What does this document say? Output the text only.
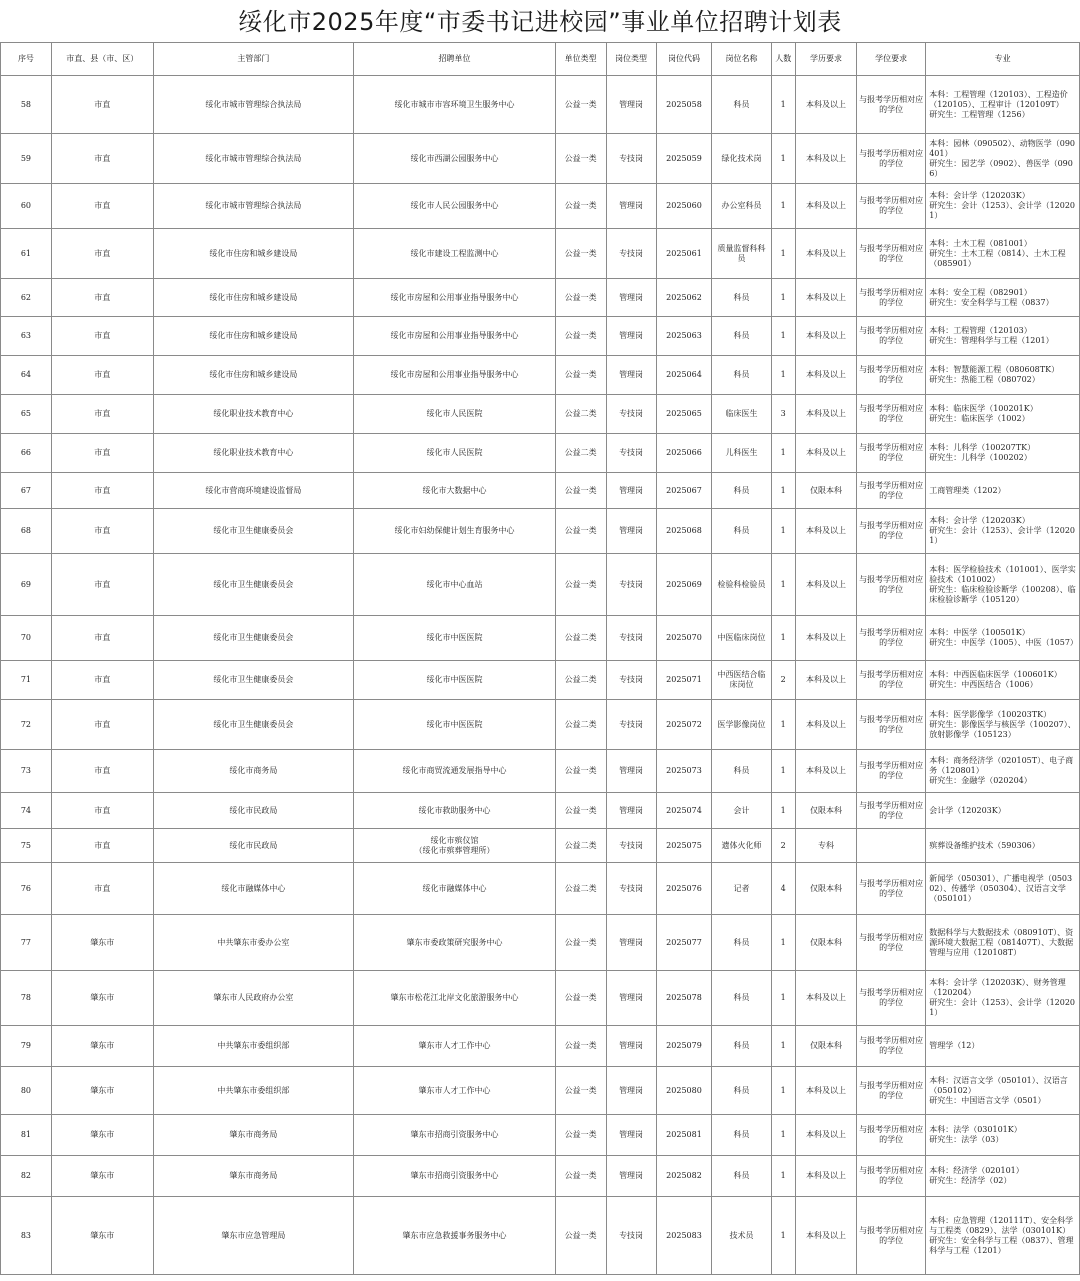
绥化市2025年度“市委书记进校园”事业单位招聘计划表
序号	市直、县（市、区）	主管部门	招聘单位	单位类型	岗位类型	岗位代码	岗位名称	人数	学历要求	学位要求	专业
58	市直	绥化市城市管理综合执法局	绥化市城市市容环境卫生服务中心	公益一类	管理岗	2025058	科员	1	本科及以上	与报考学历相对应的学位	本科：工程管理（120103）、工程造价（120105）、工程审计（120109T）
研究生：工程管理（1256）
59	市直	绥化市城市管理综合执法局	绥化市西湖公园服务中心	公益一类	专技岗	2025059	绿化技术岗	1	本科及以上	与报考学历相对应的学位	本科：园林（090502）、动物医学（090401）
研究生：园艺学（0902）、兽医学（0906）
60	市直	绥化市城市管理综合执法局	绥化市人民公园服务中心	公益一类	管理岗	2025060	办公室科员	1	本科及以上	与报考学历相对应的学位	本科：会计学（120203K）
研究生：会计（1253）、会计学（120201）
61	市直	绥化市住房和城乡建设局	绥化市建设工程监测中心	公益一类	专技岗	2025061	质量监督科科员	1	本科及以上	与报考学历相对应的学位	本科：土木工程（081001）
研究生：土木工程（0814）、土木工程（085901）
62	市直	绥化市住房和城乡建设局	绥化市房屋和公用事业指导服务中心	公益一类	管理岗	2025062	科员	1	本科及以上	与报考学历相对应的学位	本科：安全工程（082901）
研究生：安全科学与工程（0837）
63	市直	绥化市住房和城乡建设局	绥化市房屋和公用事业指导服务中心	公益一类	管理岗	2025063	科员	1	本科及以上	与报考学历相对应的学位	本科：工程管理（120103）
研究生：管理科学与工程（1201）
64	市直	绥化市住房和城乡建设局	绥化市房屋和公用事业指导服务中心	公益一类	管理岗	2025064	科员	1	本科及以上	与报考学历相对应的学位	本科：智慧能源工程（080608TK）
研究生：热能工程（080702）
65	市直	绥化职业技术教育中心	绥化市人民医院	公益二类	专技岗	2025065	临床医生	3	本科及以上	与报考学历相对应的学位	本科：临床医学（100201K）
研究生：临床医学（1002）
66	市直	绥化职业技术教育中心	绥化市人民医院	公益二类	专技岗	2025066	儿科医生	1	本科及以上	与报考学历相对应的学位	本科：儿科学（100207TK）
研究生：儿科学（100202）
67	市直	绥化市营商环境建设监督局	绥化市大数据中心	公益一类	管理岗	2025067	科员	1	仅限本科	与报考学历相对应的学位	工商管理类（1202）
68	市直	绥化市卫生健康委员会	绥化市妇幼保健计划生育服务中心	公益一类	管理岗	2025068	科员	1	本科及以上	与报考学历相对应的学位	本科：会计学（120203K）
研究生：会计（1253）、会计学（120201）
69	市直	绥化市卫生健康委员会	绥化市中心血站	公益一类	专技岗	2025069	检验科检验员	1	本科及以上	与报考学历相对应的学位	本科：医学检验技术（101001）、医学实验技术（101002）
研究生：临床检验诊断学（100208）、临床检验诊断学（105120）
70	市直	绥化市卫生健康委员会	绥化市中医医院	公益二类	专技岗	2025070	中医临床岗位	1	本科及以上	与报考学历相对应的学位	本科：中医学（100501K）
研究生：中医学（1005）、中医（1057）
71	市直	绥化市卫生健康委员会	绥化市中医医院	公益二类	专技岗	2025071	中西医结合临床岗位	2	本科及以上	与报考学历相对应的学位	本科：中西医临床医学（100601K）
研究生：中西医结合（1006）
72	市直	绥化市卫生健康委员会	绥化市中医医院	公益二类	专技岗	2025072	医学影像岗位	1	本科及以上	与报考学历相对应的学位	本科：医学影像学（100203TK）
研究生：影像医学与核医学（100207）、放射影像学（105123）
73	市直	绥化市商务局	绥化市商贸流通发展指导中心	公益一类	管理岗	2025073	科员	1	本科及以上	与报考学历相对应的学位	本科：商务经济学（020105T）、电子商务（120801）
研究生：金融学（020204）
74	市直	绥化市民政局	绥化市救助服务中心	公益一类	管理岗	2025074	会计	1	仅限本科	与报考学历相对应的学位	会计学（120203K）
75	市直	绥化市民政局	绥化市殡仪馆
（绥化市殡葬管理所）	公益二类	专技岗	2025075	遗体火化师	2	专科		殡葬设备维护技术（590306）
76	市直	绥化市融媒体中心	绥化市融媒体中心	公益二类	专技岗	2025076	记者	4	仅限本科	与报考学历相对应的学位	新闻学（050301）、广播电视学（050302）、传播学（050304）、汉语言文学（050101）
77	肇东市	中共肇东市委办公室	肇东市委政策研究服务中心	公益一类	管理岗	2025077	科员	1	仅限本科	与报考学历相对应的学位	数据科学与大数据技术（080910T）、资源环境大数据工程（081407T）、大数据管理与应用（120108T）
78	肇东市	肇东市人民政府办公室	肇东市松花江北岸文化旅游服务中心	公益一类	管理岗	2025078	科员	1	本科及以上	与报考学历相对应的学位	本科：会计学（120203K）、财务管理（120204）
研究生：会计（1253）、会计学（120201）
79	肇东市	中共肇东市委组织部	肇东市人才工作中心	公益一类	管理岗	2025079	科员	1	仅限本科	与报考学历相对应的学位	管理学（12）
80	肇东市	中共肇东市委组织部	肇东市人才工作中心	公益一类	管理岗	2025080	科员	1	本科及以上	与报考学历相对应的学位	本科：汉语言文学（050101）、汉语言（050102）
研究生：中国语言文学（0501）
81	肇东市	肇东市商务局	肇东市招商引资服务中心	公益一类	管理岗	2025081	科员	1	本科及以上	与报考学历相对应的学位	本科：法学（030101K）
研究生：法学（03）
82	肇东市	肇东市商务局	肇东市招商引资服务中心	公益一类	管理岗	2025082	科员	1	本科及以上	与报考学历相对应的学位	本科：经济学（020101）
研究生：经济学（02）
83	肇东市	肇东市应急管理局	肇东市应急救援事务服务中心	公益一类	专技岗	2025083	技术员	1	本科及以上	与报考学历相对应的学位	本科：应急管理（120111T）、安全科学与工程类（0829）、法学（030101K）
研究生：安全科学与工程（0837）、管理科学与工程（1201）
